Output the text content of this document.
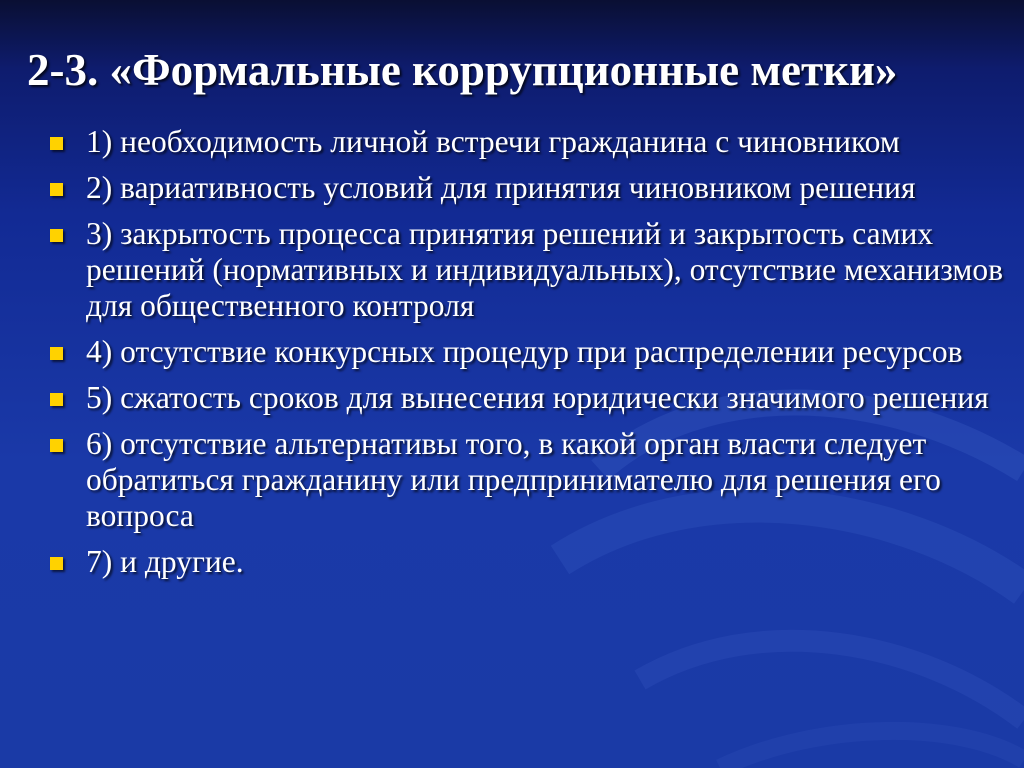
2-3. «Формальные коррупционные метки»
1) необходимость личной встречи гражданина с чиновником
2) вариативность условий для принятия чиновником решения
3) закрытость процесса принятия решений и закрытость самих решений (нормативных и индивидуальных), отсутствие механизмов для общественного контроля
4) отсутствие конкурсных процедур при распределении ресурсов
5) сжатость сроков для вынесения юридически значимого решения
6) отсутствие альтернативы того, в какой орган власти следует обратиться гражданину или предпринимателю для решения его вопроса
7) и другие.
